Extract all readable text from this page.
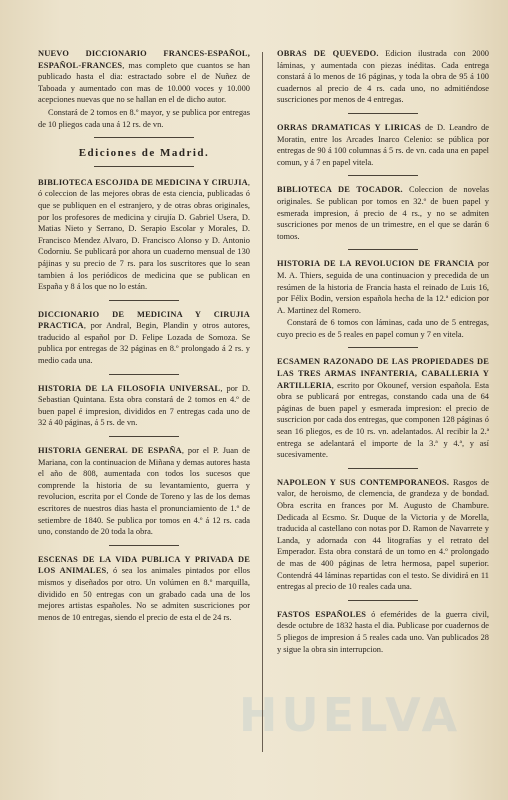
HUELVA

NUEVO DICCIONARIO FRANCES-ESPAÑOL, ESPAÑOL-FRANCES, mas completo que cuantos se han publicado hasta el dia: estractado sobre el de Nuñez de Taboada y aumentado con mas de 10.000 voces y 10.000 acepciones nuevas que no se hallan en el de dicho autor.

Constará de 2 tomos en 8.º mayor, y se publica por entregas de 10 pliegos cada una á 12 rs. de vn.

Ediciones de Madrid.

BIBLIOTECA ESCOJIDA DE MEDICINA Y CIRUJIA, ó coleccion de las mejores obras de esta ciencia, publicadas ó que se publiquen en el estranjero, y de otras obras originales, por los profesores de medicina y cirujía D. Gabriel Usera, D. Matias Nieto y Serrano, D. Serapio Escolar y Morales, D. Francisco Mendez Alvaro, D. Francisco Alonso y D. Antonio Codorniu. Se publicará por ahora un cuaderno mensual de 130 pájinas y su precio de 7 rs. para los suscritores que lo sean tambien á los periódicos de medicina que se publican en España y 8 á los que no lo están.

DICCIONARIO DE MEDICINA Y CIRUJIA PRACTICA, por Andral, Begin, Plandin y otros autores, traducido al español por D. Felipe Lozada de Somoza. Se publica por entregas de 32 páginas en 8.º prolongado á 2 rs. y medio cada una.

HISTORIA DE LA FILOSOFIA UNIVERSAL, por D. Sebastian Quintana. Esta obra constará de 2 tomos en 4.º de buen papel é impresion, divididos en 7 entregas cada uno de 32 á 40 páginas, á 5 rs. de vn.

HISTORIA GENERAL DE ESPAÑA, por el P. Juan de Mariana, con la continuacion de Miñana y demas autores hasta el año de 808, aumentada con todos los sucesos que comprende la historia de su levantamiento, guerra y revolucion, escrita por el Conde de Toreno y las de los demas escritores de nuestros dias hasta el pronunciamiento de 1.º de setiembre de 1840. Se publica por tomos en 4.º á 12 rs. cada uno, constando de 20 toda la obra.

ESCENAS DE LA VIDA PUBLICA Y PRIVADA DE LOS ANIMALES, ó sea los animales pintados por ellos mismos y diseñados por otro. Un volúmen en 8.º marquilla, dividido en 50 entregas con un grabado cada una de los mejores artistas españoles. No se admiten suscriciones por menos de 10 entregas, siendo el precio de esta el de 24 rs.

OBRAS DE QUEVEDO. Edicion ilustrada con 2000 láminas, y aumentada con piezas inéditas. Cada entrega constará á lo menos de 16 páginas, y toda la obra de 95 á 100 cuadernos al precio de 4 rs. cada uno, no admitiéndose suscriciones por menos de 4 entregas.

ORRAS DRAMATICAS Y LIRICAS de D. Leandro de Moratin, entre los Arcades Inarco Celenio: se pública por entregas de 90 á 100 columnas á 5 rs. de vn. cada una en papel comun, y á 7 en papel vitela.

BIBLIOTECA DE TOCADOR. Coleccion de novelas originales. Se publican por tomos en 32.º de buen papel y esmerada impresion, á precio de 4 rs., y no se admiten suscriciones por menos de un trimestre, en el que se darán 6 tomos.

HISTORIA DE LA REVOLUCION DE FRANCIA por M. A. Thiers, seguida de una continuacion y precedida de un resúmen de la historia de Francia hasta el reinado de Luis 16, por Félix Bodin, version española hecha de la 12.ª edicion por A. Martinez del Romero.

Constará de 6 tomos con láminas, cada uno de 5 entregas, cuyo precio es de 5 reales en papel comun y 7 en vitela.

ECSAMEN RAZONADO DE LAS PROPIEDADES DE LAS TRES ARMAS INFANTERIA, CABALLERIA Y ARTILLERIA, escrito por Okounef, version española. Esta obra se publicará por entregas, constando cada una de 64 páginas de buen papel y esmerada impresion: el precio de suscricion por cada dos entregas, que componen 128 páginas ó sean 16 pliegos, es de 10 rs. vn. adelantados. Al recibir la 2.ª entrega se adelantará el importe de la 3.ª y 4.ª, y así sucesivamente.

NAPOLEON Y SUS CONTEMPORANEOS. Rasgos de valor, de heroismo, de clemencia, de grandeza y de bondad. Obra escrita en frances por M. Augusto de Chambure. Dedicada al Ecsmo. Sr. Duque de la Victoria y de Morella, traducida al castellano con notas por D. Ramon de Navarrete y Landa, y adornada con 44 litografías y el retrato del Emperador. Esta obra constará de un tomo en 4.º prolongado de mas de 400 páginas de letra hermosa, papel superior. Contendrá 44 láminas repartidas con el testo. Se dividirá en 11 entregas al precio de 10 reales cada una.

FASTOS ESPAÑOLES ó efemérides de la guerra civil, desde octubre de 1832 hasta el dia. Publicase por cuadernos de 5 pliegos de impresion á 5 reales cada uno. Van publicados 28 y sigue la obra sin interrupcion.
